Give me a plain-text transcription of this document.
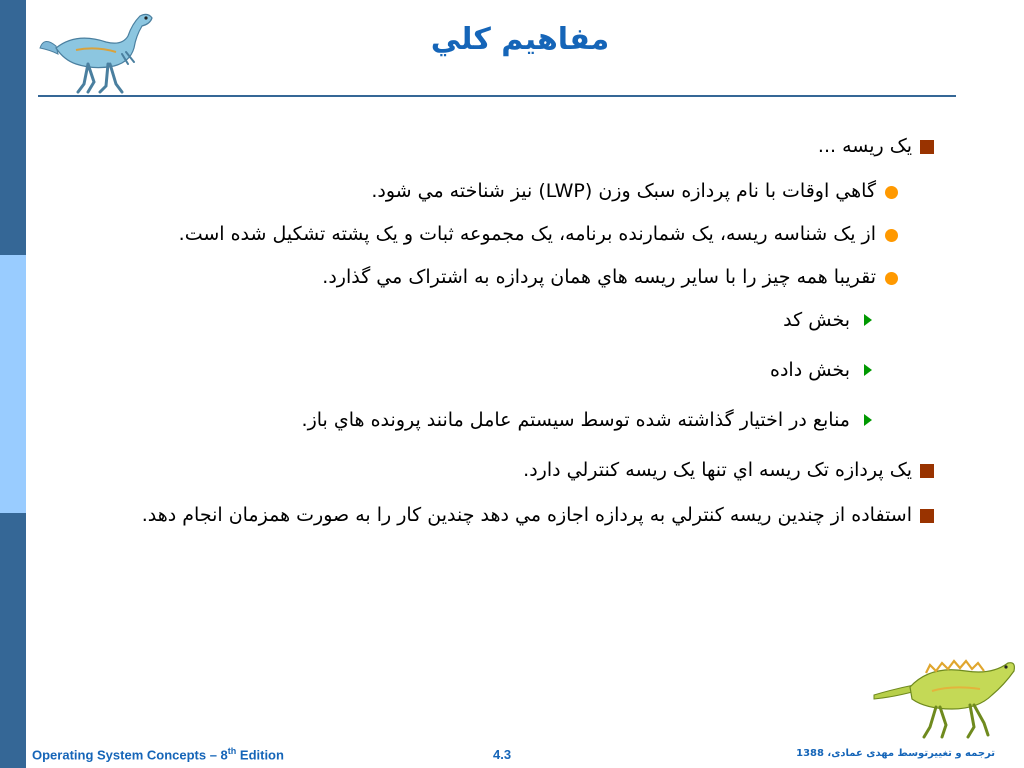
مفاهيم كلي
يک ريسه ...
گاهي اوقات با نام پردازه سبک وزن (LWP) نيز شناخته مي شود.
از يک شناسه ريسه، يک شمارنده برنامه، يک مجموعه ثبات و يک پشته تشکيل شده است.
تقريبا همه چيز را با ساير ريسه هاي همان پردازه به اشتراک مي گذارد.
بخش کد
بخش داده
منابع در اختيار گذاشته شده توسط سيستم عامل مانند پرونده هاي باز.
يک پردازه تک ريسه اي تنها يک ريسه کنترلي دارد.
استفاده از چندين ريسه کنترلي به پردازه اجازه مي دهد چندين کار را به صورت همزمان انجام دهد.
Operating System Concepts – 8th Edition	4.3	ترجمه و تغييرتوسط مهدی عمادی، 1388
